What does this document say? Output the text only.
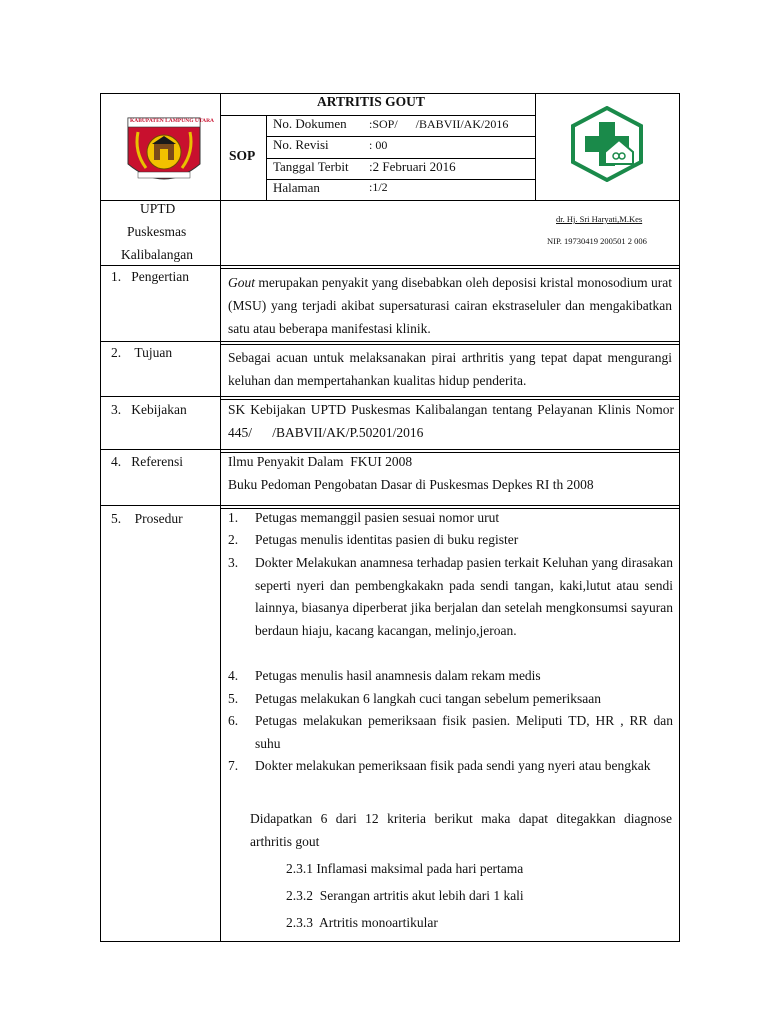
KABUPATEN LAMPUNG UTARA
ARTRITIS GOUT
SOP
No. Dokumen :SOP/      /BABVII/AK/2016
No. Revisi	: 00
Tanggal Terbit :2 Februari 2016
Halaman	:1/2
UPTD
Puskesmas
Kalibalangan
dr. Hj. Sri Haryati,M.Kes
NIP. 19730419 200501 2 006
1.   Pengertian	Gout merupakan penyakit yang disebabkan oleh deposisi kristal monosodium urat (MSU) yang terjadi akibat supersaturasi cairan ekstraseluler dan mengakibatkan satu atau beberapa manifestasi klinik.
2.    Tujuan	Sebagai acuan untuk melaksanakan pirai arthritis yang tepat dapat mengurangi keluhan dan mempertahankan kualitas hidup penderita.
3.   Kebijakan	SK Kebijakan UPTD Puskesmas Kalibalangan tentang Pelayanan Klinis Nomor 445/      /BABVII/AK/P.50201/2016
4.   Referensi	Ilmu Penyakit Dalam  FKUI 2008
Buku Pedoman Pengobatan Dasar di Puskesmas Depkes RI th 2008
5.    Prosedur	1. Petugas memanggil pasien sesuai nomor urut
2. Petugas menulis identitas pasien di buku register
3. Dokter Melakukan anamnesa terhadap pasien terkait Keluhan yang dirasakan seperti nyeri dan pembengkakakn pada sendi tangan, kaki,lutut atau sendi lainnya, biasanya diperberat jika berjalan dan setelah mengkonsumsi sayuran berdaun hiaju, kacang kacangan, melinjo,jeroan.
4. Petugas menulis hasil anamnesis dalam rekam medis
5. Petugas melakukan 6 langkah cuci tangan sebelum pemeriksaan
6. Petugas melakukan pemeriksaan fisik pasien. Meliputi TD, HR , RR dan suhu
7. Dokter melakukan pemeriksaan fisik pada sendi yang nyeri atau bengkak
Didapatkan 6 dari 12 kriteria berikut maka dapat ditegakkan diagnose arthritis gout
2.3.1 Inflamasi maksimal pada hari pertama
2.3.2  Serangan artritis akut lebih dari 1 kali
2.3.3  Artritis monoartikular
